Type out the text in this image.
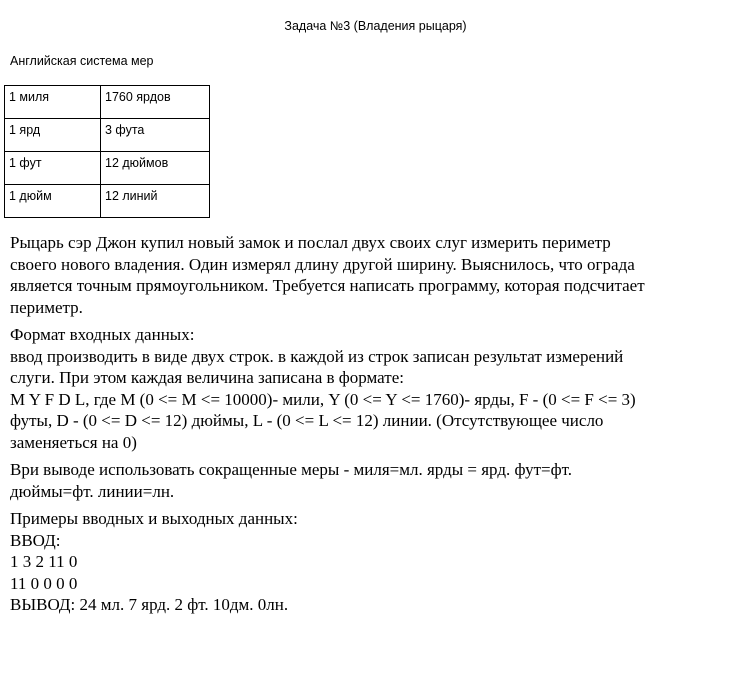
Задача №3 (Владения рыцаря)
Английская система мер
1 миля	1760 ярдов

1 ярд	3 фута

1 фут	12 дюймов

1 дюйм	12 линий

Рыцарь сэр Джон купил новый замок и послал двух своих слуг измерить периметр
своего нового владения. Один измерял длину другой ширину. Выяснилось, что ограда
является точным прямоугольником. Требуется написать программу, которая подсчитает
периметр.

Формат входных данных:
ввод производить в виде двух строк. в каждой из строк записан результат измерений
слуги. При этом каждая величина записана в формате:
M Y F D L, где M (0 <= M <= 10000)- мили, Y (0 <= Y <= 1760)- ярды, F - (0 <= F <= 3)
футы, D - (0 <= D <= 12) дюймы, L - (0 <= L <= 12) линии. (Отсутствующее число
заменяеться на 0)

Ври выводе использовать сокращенные меры - миля=мл. ярды = ярд. фут=фт.
дюймы=фт. линии=лн.

Примеры вводных и выходных данных:
ВВОД:
1 3 2 11 0
11 0 0 0 0
ВЫВОД: 24 мл. 7 ярд. 2 фт. 10дм. 0лн.
